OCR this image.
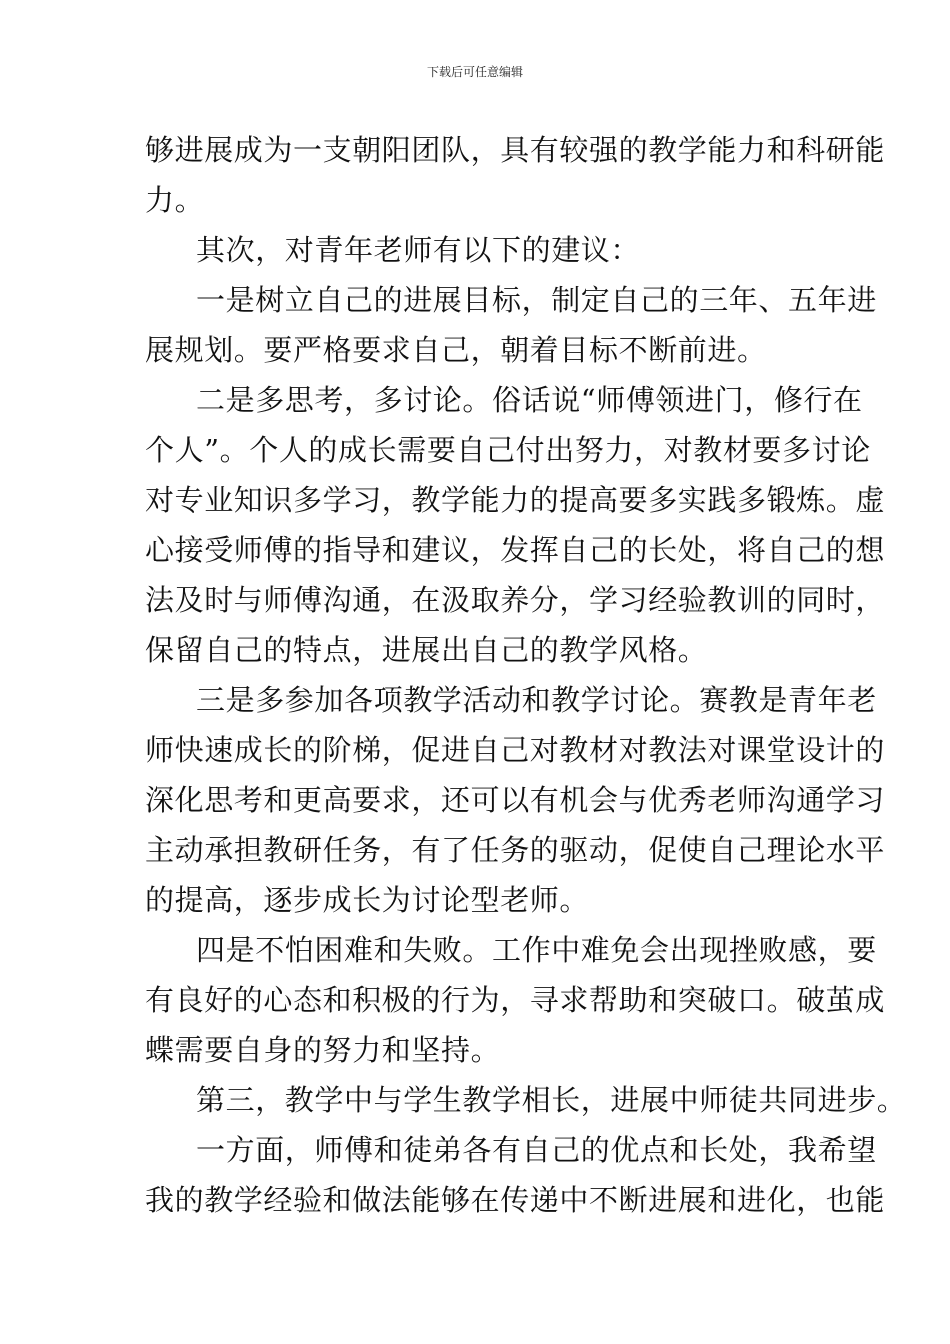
下载后可任意编辑
够进展成为一支朝阳团队，具有较强的教学能力和科研能
力。
其次，对青年老师有以下的建议：
一是树立自己的进展目标，制定自己的三年、五年进
展规划。要严格要求自己，朝着目标不断前进。
二是多思考，多讨论。俗话说“师傅领进门，修行在
个人”。个人的成长需要自己付出努力，对教材要多讨论
对专业知识多学习，教学能力的提高要多实践多锻炼。虚
心接受师傅的指导和建议，发挥自己的长处，将自己的想
法及时与师傅沟通，在汲取养分，学习经验教训的同时，
保留自己的特点，进展出自己的教学风格。
三是多参加各项教学活动和教学讨论。赛教是青年老
师快速成长的阶梯，促进自己对教材对教法对课堂设计的
深化思考和更高要求，还可以有机会与优秀老师沟通学习
主动承担教研任务，有了任务的驱动，促使自己理论水平
的提高，逐步成长为讨论型老师。
四是不怕困难和失败。工作中难免会出现挫败感，要
有良好的心态和积极的行为，寻求帮助和突破口。破茧成
蝶需要自身的努力和坚持。
第三，教学中与学生教学相长，进展中师徒共同进步。
一方面，师傅和徒弟各有自己的优点和长处，我希望
我的教学经验和做法能够在传递中不断进展和进化，也能
